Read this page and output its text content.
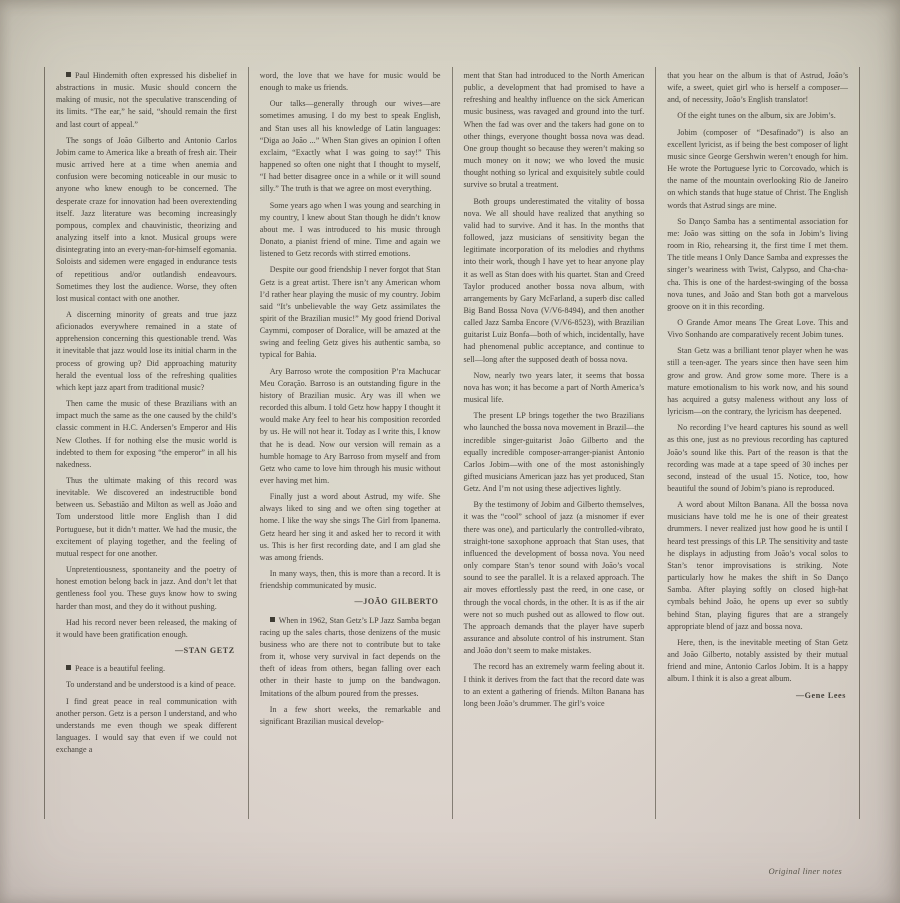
Paul Hindemith often expressed his disbelief in abstractions in music. Music should concern the making of music, not the speculative transcending of its limits. “The ear,” he said, “should remain the first and last court of appeal.”

The songs of João Gilberto and Antonio Carlos Jobim came to America like a breath of fresh air. Their music arrived here at a time when anemia and confusion were becoming noticeable in our music to anyone who knew enough to be concerned. The desperate craze for innovation had been overextending itself. Jazz literature was becoming increasingly pompous, complex and chauvinistic, theorizing and analyzing itself into a knot. Musical groups were disintegrating into an every-man-for-himself egomania. Soloists and sidemen were engaged in endurance tests of repetitious and/or outlandish endeavours. Sometimes they lost the audience. Worse, they often lost musical contact with one another.

A discerning minority of greats and true jazz aficionados everywhere remained in a state of apprehension concerning this questionable trend. Was it inevitable that jazz would lose its initial charm in the process of growing up? Did approaching maturity herald the eventual loss of the refreshing qualities which kept jazz apart from traditional music?

Then came the music of these Brazilians with an impact much the same as the one caused by the child’s classic comment in H.C. Andersen’s Emperor and His New Clothes. If for nothing else the music world is indebted to them for exposing “the emperor” in all his nakedness.

Thus the ultimate making of this record was inevitable. We discovered an indestructible bond between us. Sebastião and Milton as well as João and Tom understood little more English than I did Portuguese, but it didn’t matter. We had the music, the excitement of playing together, and the feeling of mutual respect for one another.

Unpretentiousness, spontaneity and the poetry of honest emotion belong back in jazz. And don’t let that gentleness fool you. These guys know how to swing harder than most, and they do it without pushing.

Had his record never been released, the making of it would have been gratification enough.

—STAN GETZ

Peace is a beautiful feeling.

To understand and be understood is a kind of peace.

I find great peace in real communication with another person. Getz is a person I understand, and who understands me even though we speak different languages. I would say that even if we could not exchange a

word, the love that we have for music would be enough to make us friends.

Our talks—generally through our wives—are sometimes amusing. I do my best to speak English, and Stan uses all his knowledge of Latin languages: “Diga ao João ...” When Stan gives an opinion I often exclaim, “Exactly what I was going to say!” This happened so often one night that I thought to myself, “I had better disagree once in a while or it will sound silly.” The truth is that we agree on most everything.

Some years ago when I was young and searching in my country, I knew about Stan though he didn’t know about me. I was introduced to his music through Donato, a pianist friend of mine. Time and again we listened to Getz records with stirred emotions.

Despite our good friendship I never forgot that Stan Getz is a great artist. There isn’t any American whom I’d rather hear playing the music of my country. Jobim said “It’s unbelievable the way Getz assimilates the spirit of the Brazilian music!” My good friend Dorival Caymmi, composer of Doralice, will be amazed at the swing and feeling Getz gives his authentic samba, so typical for Bahia.

Ary Barroso wrote the composition P’ra Machucar Meu Coração. Barroso is an outstanding figure in the history of Brazilian music. Ary was ill when we recorded this album. I told Getz how happy I thought it would make Ary feel to hear his composition recorded by us. He will not hear it. Today as I write this, I know that he is dead. Now our version will remain as a humble homage to Ary Barroso from myself and from Getz who came to love him through his music without ever having met him.

Finally just a word about Astrud, my wife. She always liked to sing and we often sing together at home. I like the way she sings The Girl from Ipanema. Getz heard her sing it and asked her to record it with us. This is her first recording date, and I am glad she was among friends.

In many ways, then, this is more than a record. It is friendship communicated by music.

—JOÃO GILBERTO

When in 1962, Stan Getz’s LP Jazz Samba began racing up the sales charts, those denizens of the music business who are there not to contribute but to take from it, whose very survival in fact depends on the theft of ideas from others, began falling over each other in their haste to jump on the bandwagon. Imitations of the album poured from the presses.

In a few short weeks, the remarkable and significant Brazilian musical develop-

ment that Stan had introduced to the North American public, a development that had promised to have a refreshing and healthy influence on the sick American music business, was ravaged and ground into the turf. When the fad was over and the takers had gone on to other things, everyone thought bossa nova was dead. One group thought so because they weren’t making so much money on it now; we who loved the music thought nothing so lyrical and exquisitely subtle could survive so brutal a treatment.

Both groups underestimated the vitality of bossa nova. We all should have realized that anything so valid had to survive. And it has. In the months that followed, jazz musicians of sensitivity began the legitimate incorporation of its melodies and rhythms into their work, though I have yet to hear anyone play it as well as Stan does with his quartet. Stan and Creed Taylor produced another bossa nova album, with arrangements by Gary McFarland, a superb disc called Big Band Bossa Nova (V/V6-8494), and then another called Jazz Samba Encore (V/V6-8523), with Brazilian guitarist Luiz Bonfa—both of which, incidentally, have had phenomenal public acceptance, and continue to sell—long after the supposed death of bossa nova.

Now, nearly two years later, it seems that bossa nova has won; it has become a part of North America’s musical life.

The present LP brings together the two Brazilians who launched the bossa nova movement in Brazil—the incredible singer-guitarist João Gilberto and the equally incredible composer-arranger-pianist Antonio Carlos Jobim—with one of the most astonishingly gifted musicians American jazz has yet produced, Stan Getz. And I’m not using these adjectives lightly.

By the testimony of Jobim and Gilberto themselves, it was the “cool” school of jazz (a misnomer if ever there was one), and particularly the controlled-vibrato, straight-tone saxophone approach that Stan uses, that influenced the development of bossa nova. You need only compare Stan’s tenor sound with João’s vocal sound to see the parallel. It is a relaxed approach. The air moves effortlessly past the reed, in one case, or through the vocal chords, in the other. It is as if the air were not so much pushed out as allowed to flow out. The approach demands that the player have superb assurance and absolute control of his instrument. Stan and João don’t seem to make mistakes.

The record has an extremely warm feeling about it. I think it derives from the fact that the record date was to an extent a gathering of friends. Milton Banana has long been João’s drummer. The girl’s voice

that you hear on the album is that of Astrud, João’s wife, a sweet, quiet girl who is herself a composer—and, of necessity, João’s English translator!

Of the eight tunes on the album, six are Jobim’s.

Jobim (composer of “Desafinado”) is also an excellent lyricist, as if being the best composer of light music since George Gershwin weren’t enough for him. He wrote the Portuguese lyric to Corcovado, which is the name of the mountain overlooking Rio de Janeiro on which stands that huge statue of Christ. The English words that Astrud sings are mine.

So Danço Samba has a sentimental association for me: João was sitting on the sofa in Jobim’s living room in Rio, rehearsing it, the first time I met them. The title means I Only Dance Samba and expresses the singer’s weariness with Twist, Calypso, and Cha-cha-cha. This is one of the hardest-swinging of the bossa nova tunes, and João and Stan both got a marvelous groove on it in this recording.

O Grande Amor means The Great Love. This and Vivo Sonhando are comparatively recent Jobim tunes.

Stan Getz was a brilliant tenor player when he was still a teen-ager. The years since then have seen him grow and grow. And grow some more. There is a mature emotionalism to his work now, and his sound has acquired a gutsy maleness without any loss of lyricism—on the contrary, the lyricism has deepened.

No recording I’ve heard captures his sound as well as this one, just as no previous recording has captured João’s sound like this. Part of the reason is that the recording was made at a tape speed of 30 inches per second, instead of the usual 15. Notice, too, how beautiful the sound of Jobim’s piano is reproduced.

A word about Milton Banana. All the bossa nova musicians have told me he is one of their greatest drummers. I never realized just how good he is until I heard test pressings of this LP. The sensitivity and taste he displays in adjusting from João’s vocal solos to Stan’s tenor improvisations is striking. Note particularly how he makes the shift in So Danço Samba. After playing softly on closed high-hat cymbals behind João, he opens up ever so subtly behind Stan, playing figures that are a strangely appropriate blend of jazz and bossa nova.

Here, then, is the inevitable meeting of Stan Getz and João Gilberto, notably assisted by their mutual friend and mine, Antonio Carlos Jobim. It is a happy album. I think it is also a great album.

—Gene Lees

Original liner notes
